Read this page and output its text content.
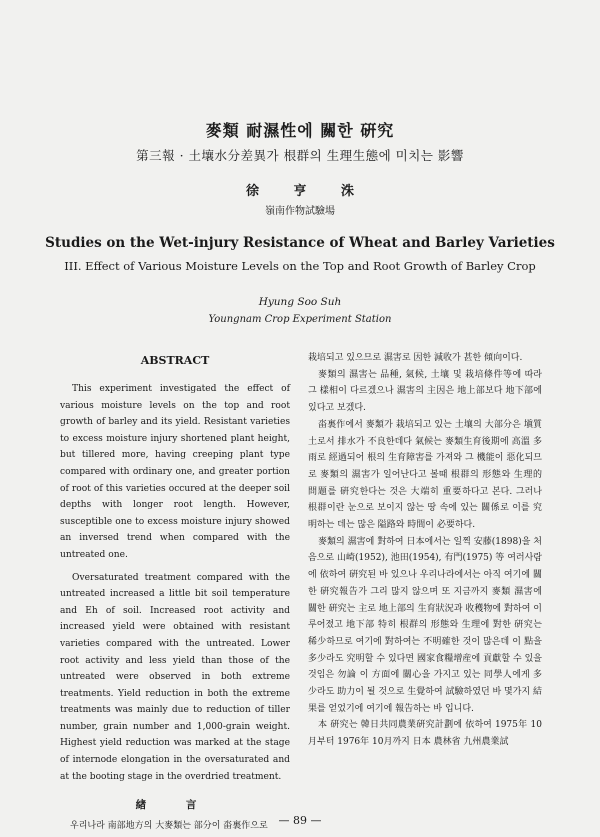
麥類 耐濕性에 關한 硏究
第三報 · 土壤水分差異가 根群의 生理生態에 미치는 影響
徐 亨 洙
嶺南作物試驗場
Studies on the Wet-injury Resistance of Wheat and Barley Varieties
III. Effect of Various Moisture Levels on the Top and Root Growth of Barley Crop
Hyung Soo Suh
Youngnam Crop Experiment Station
ABSTRACT

This experiment investigated the effect of various moisture levels on the top and root growth of barley and its yield. Resistant varieties to excess moisture injury shortened plant height, but tillered more, having creeping plant type compared with ordinary one, and greater portion of root of this varieties occured at the deeper soil depths with longer root length. However, susceptible one to excess moisture injury showed an inversed trend when compared with the untreated one.

Oversaturated treatment compared with the untreated increased a little bit soil temperature and Eh of soil. Increased root activity and increased yield were obtained with resistant varieties compared with the untreated. Lower root activity and less yield than those of the untreated were observed in both extreme treatments. Yield reduction in both the extreme treatments was mainly due to reduction of tiller number, grain number and 1,000-grain weight. Highest yield reduction was marked at the stage of internode elongation in the oversaturated and at the booting stage in the overdried treatment.

緖 言

우리나라 南部地方의 大麥類는 部分이 畓裏作으로

栽培되고 있으므로 濕害로 因한 減收가 甚한 傾向이다.

麥類의 濕害는 品種, 氣候, 土壤 및 栽培條件等에 따라 그 樣相이 다르겠으나 濕害의 主因은 地上部보다 地下部에 있다고 보겠다.

畓裏作에서 麥類가 栽培되고 있는 土壤의 大部分은 塡質土로서 排水가 不良한데다 氣候는 麥類生育後期에 高溫 多雨로 經過되어 根의 生育障害를 가져와 그 機能이 惡化되므로 麥類의 濕害가 일어난다고 볼때 根群의 形態와 生理的 問題를 硏究한다는 것은 大端히 重要하다고 본다. 그러나 根群이란 눈으로 보이지 않는 땅 속에 있는 關係로 이를 究明하는 데는 많은 隘路와 時間이 必要하다.

麥類의 濕害에 對하여 日本에서는 일찍 安藤(1898)을 처음으로 山崎(1952), 池田(1954), 有門(1975) 等 여러사람에 依하여 硏究된 바 있으나 우리나라에서는 아직 여기에 關한 硏究報告가 그리 많지 않으며 또 지금까지 麥類 濕害에 關한 硏究는 主로 地上部의 生育狀況과 收穫物에 對하여 이루어졌고 地下部 特히 根群의 形態와 生理에 對한 硏究는 稀少하므로 여기에 對하여는 不明確한 것이 많은데 이 點을 多少라도 究明할 수 있다면 國家食糧增産에 貢獻할 수 있을 것임은 勿論 이 方面에 關心을 가지고 있는 同學人에게 多少라도 助力이 될 것으로 生覺하여 試驗하였던 바 몇가지 結果를 얻었기에 여기에 報告하는 바 입니다.

本 硏究는 韓日共同農業硏究計劃에 依하여 1975年 10月부터 1976年 10月까지 日本 農林省 九州農業試

— 89 —
